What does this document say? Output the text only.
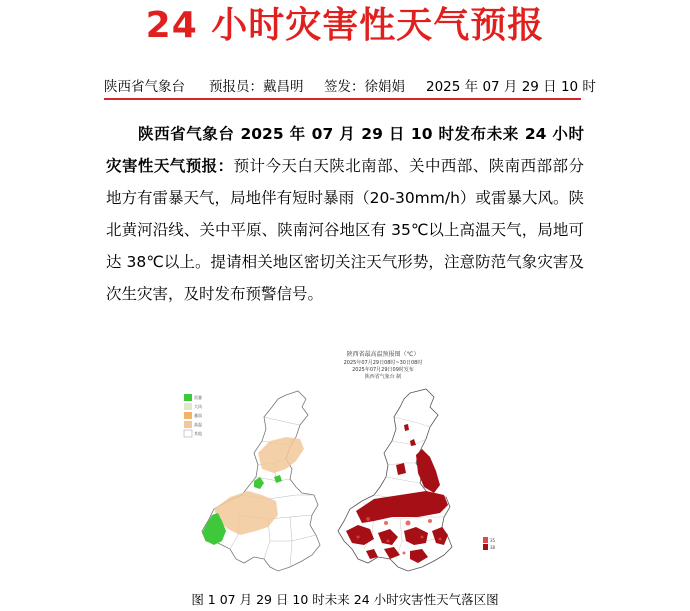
24 小时灾害性天气预报
陕西省气象台 预报员：戴昌明 签发：徐娟娟 2025 年 07 月 29 日 10 时

陕西省气象台 2025 年 07 月 29 日 10 时发布未来 24 小时灾害性天气预报：预计今天白天陕北南部、关中西部、陕南西部部分地方有雷暴天气，局地伴有短时暴雨（20-30mm/h）或雷暴大风。陕北黄河沿线、关中平原、陕南河谷地区有 35℃以上高温天气，局地可达 38℃以上。提请相关地区密切关注天气形势，注意防范气象灾害及次生灾害，及时发布预警信号。

陕西省最高温预报图（℃）
2025年07月29日08时~30日08时
2025年07月29日09时发布
陕西省气象台 制
雷暴
大风
暴雨
高温
其他
35
38
图 1 07 月 29 日 10 时未来 24 小时灾害性天气落区图
